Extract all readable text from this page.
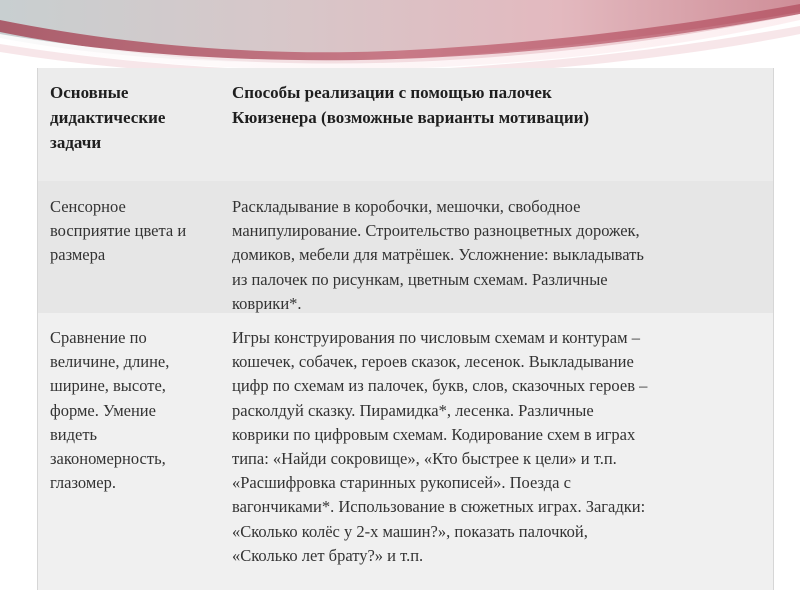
Основные
дидактические
задачи
Способы реализации с помощью палочек
Кюизенера (возможные варианты мотивации)
Сенсорное
восприятие цвета и
размера
Раскладывание в коробочки, мешочки, свободное
манипулирование. Строительство разноцветных дорожек,
домиков, мебели для матрёшек. Усложнение: выкладывать
из палочек по рисункам, цветным схемам. Различные
коврики*.
Сравнение по
величине, длине,
ширине, высоте,
форме. Умение
видеть
закономерность,
глазомер.
Игры конструирования по числовым схемам и контурам –
кошечек, собачек, героев сказок, лесенок. Выкладывание
цифр по схемам из палочек, букв, слов, сказочных героев –
расколдуй сказку. Пирамидка*, лесенка. Различные
коврики по цифровым схемам. Кодирование схем в играх
типа: «Найди сокровище», «Кто быстрее к цели» и т.п.
«Расшифровка старинных рукописей». Поезда с
вагончиками*. Использование в сюжетных играх. Загадки:
«Сколько колёс у 2-х машин?», показать палочкой,
«Сколько лет брату?» и т.п.
